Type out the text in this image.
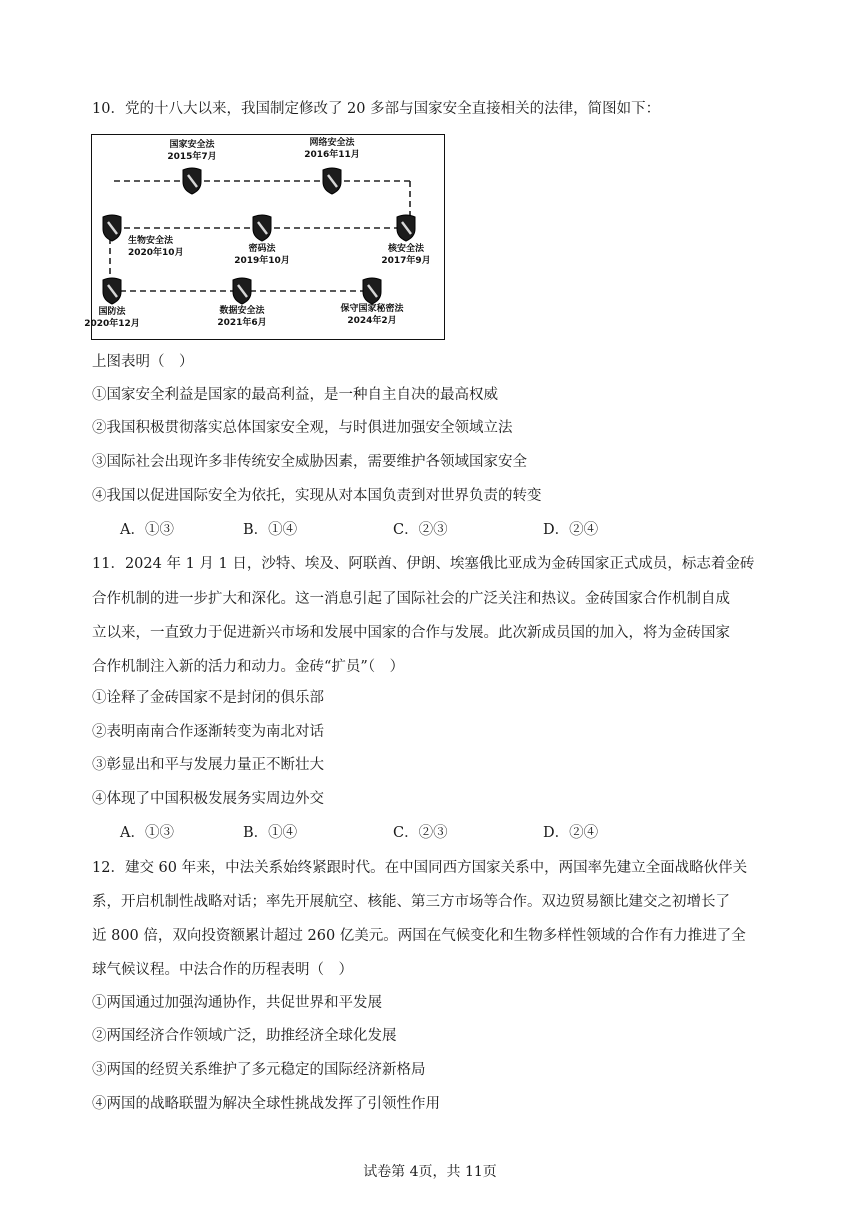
10．党的十八大以来，我国制定修改了 20 多部与国家安全直接相关的法律，简图如下：
国家安全法
2015年7月
网络安全法
2016年11月
核安全法
2017年9月
密码法
2019年10月
生物安全法
2020年10月
国防法
2020年12月
数据安全法
2021年6月
保守国家秘密法
2024年2月
上图表明（　）
①国家安全利益是国家的最高利益，是一种自主自决的最高权威
②我国积极贯彻落实总体国家安全观，与时俱进加强安全领域立法
③国际社会出现许多非传统安全威胁因素，需要维护各领域国家安全
④我国以促进国际安全为依托，实现从对本国负责到对世界负责的转变
A．①③	B．①④	C．②③	D．②④
11．2024 年 1 月 1 日，沙特、埃及、阿联酋、伊朗、埃塞俄比亚成为金砖国家正式成员，标志着金砖
合作机制的进一步扩大和深化。这一消息引起了国际社会的广泛关注和热议。金砖国家合作机制自成
立以来，一直致力于促进新兴市场和发展中国家的合作与发展。此次新成员国的加入，将为金砖国家
合作机制注入新的活力和动力。金砖“扩员”（　）
①诠释了金砖国家不是封闭的俱乐部
②表明南南合作逐渐转变为南北对话
③彰显出和平与发展力量正不断壮大
④体现了中国积极发展务实周边外交
A．①③	B．①④	C．②③	D．②④
12．建交 60 年来，中法关系始终紧跟时代。在中国同西方国家关系中，两国率先建立全面战略伙伴关
系，开启机制性战略对话；率先开展航空、核能、第三方市场等合作。双边贸易额比建交之初增长了
近 800 倍，双向投资额累计超过 260 亿美元。两国在气候变化和生物多样性领域的合作有力推进了全
球气候议程。中法合作的历程表明（　）
①两国通过加强沟通协作，共促世界和平发展
②两国经济合作领域广泛，助推经济全球化发展
③两国的经贸关系维护了多元稳定的国际经济新格局
④两国的战略联盟为解决全球性挑战发挥了引领性作用
试卷第 4页，共 11页
